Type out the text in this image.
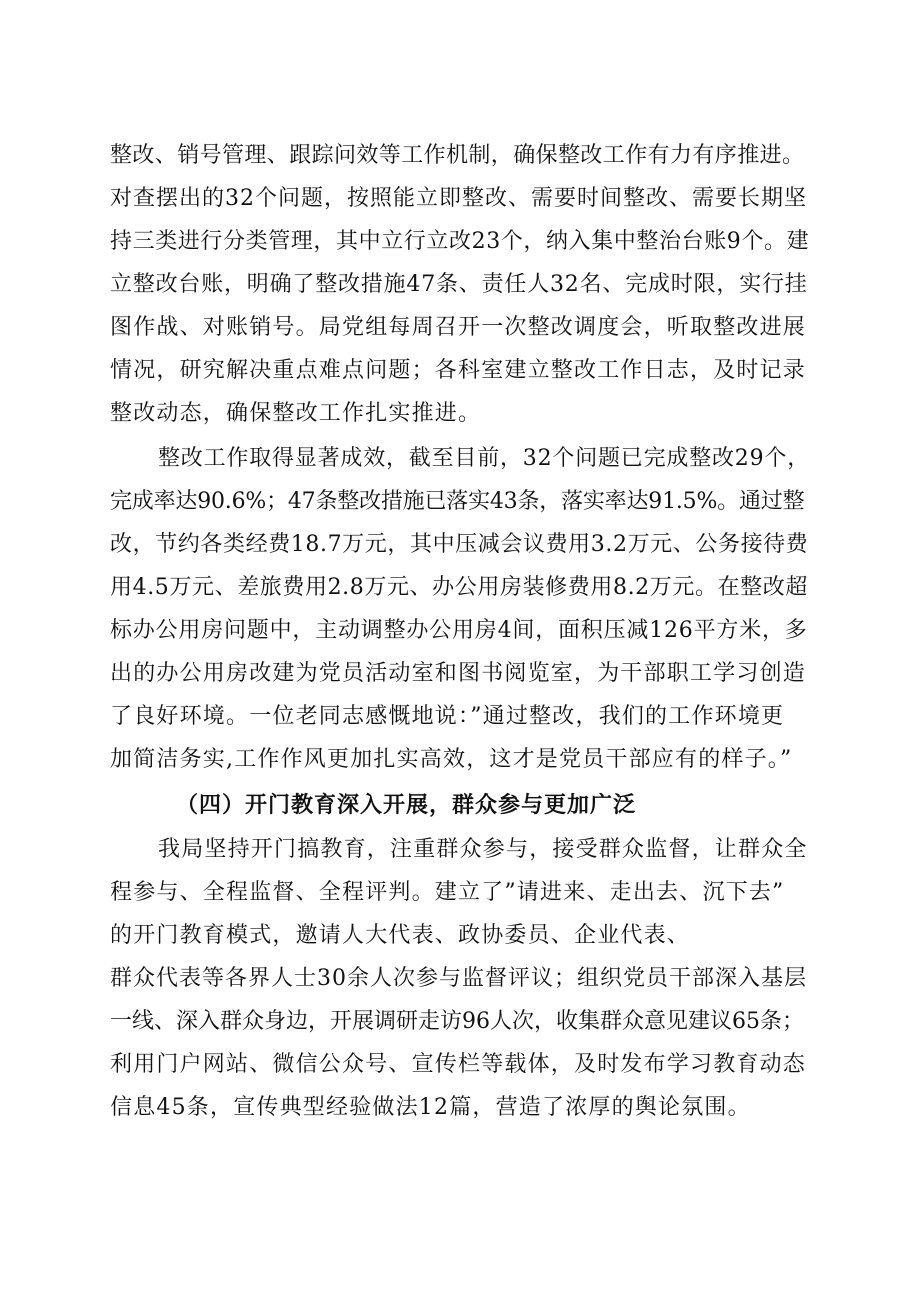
整改、销号管理、跟踪问效等工作机制，确保整改工作有力有序推进。
对查摆出的32个问题，按照能立即整改、需要时间整改、需要长期坚
持三类进行分类管理，其中立行立改23个，纳入集中整治台账9个。建
立整改台账，明确了整改措施47条、责任人32名、完成时限，实行挂
图作战、对账销号。局党组每周召开一次整改调度会，听取整改进展
情况，研究解决重点难点问题；各科室建立整改工作日志，及时记录
整改动态，确保整改工作扎实推进。
整改工作取得显著成效，截至目前，32个问题已完成整改29个，
完成率达90.6%；47条整改措施已落实43条，落实率达91.5%。通过整
改，节约各类经费18.7万元，其中压减会议费用3.2万元、公务接待费
用4.5万元、差旅费用2.8万元、办公用房装修费用8.2万元。在整改超
标办公用房问题中，主动调整办公用房4间，面积压减126平方米，多
出的办公用房改建为党员活动室和图书阅览室，为干部职工学习创造
了良好环境。一位老同志感慨地说：”通过整改，我们的工作环境更
加简洁务实,工作作风更加扎实高效，这才是党员干部应有的样子。”
（四）开门教育深入开展，群众参与更加广泛
我局坚持开门搞教育，注重群众参与，接受群众监督，让群众全
程参与、全程监督、全程评判。建立了”请进来、走出去、沉下去”
的开门教育模式，邀请人大代表、政协委员、企业代表、
群众代表等各界人士30余人次参与监督评议；组织党员干部深入基层
一线、深入群众身边，开展调研走访96人次，收集群众意见建议65条；
利用门户网站、微信公众号、宣传栏等载体，及时发布学习教育动态
信息45条，宣传典型经验做法12篇，营造了浓厚的舆论氛围。
